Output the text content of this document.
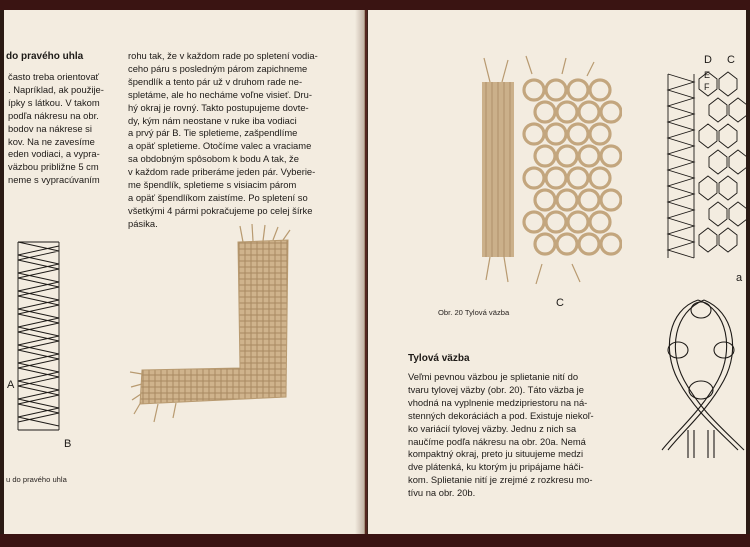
do pravého uhla
často treba orientovať
. Napríklad, ak použije-
ípky s látkou. V takom
podľa nákresu na obr.
bodov na nákrese si
kov. Na ne zavesíme
eden vodiaci, a vypra-
väzbou približne 5 cm
neme s vypracúvaním
rohu tak, že v každom rade po spletení vodia-
ceho páru s posledným párom zapichneme
špendlík a tento pár už v druhom rade ne-
spletáme, ale ho necháme voľne visieť. Dru-
hý okraj je rovný. Takto postupujeme dovte-
dy, kým nám neostane v ruke iba vodiaci
a prvý pár B. Tie spletieme, zašpendlíme
a opäť spletieme. Otočíme valec a vraciame
sa obdobným spôsobom k bodu A tak, že
v každom rade priberáme jeden pár. Vyberie-
me špendlík, spletieme s visiacim párom
a opäť špendlíkom zaistíme. Po spletení so
všetkými 4 pármi pokračujeme po celej šírke
pásika.
A
B
u do pravého uhla
C
Obr. 20 Tylová väzba
D C
E
F
a
Tylová väzba
Veľmi pevnou väzbou je splietanie nití do
tvaru tylovej väzby (obr. 20). Táto väzba je
vhodná na vyplnenie medzipriestoru na ná-
stenných dekoráciách a pod. Existuje niekoľ-
ko variácií tylovej väzby. Jednu z nich sa
naučíme podľa nákresu na obr. 20a. Nemá
kompaktný okraj, preto ju situujeme medzi
dve plátenká, ku ktorým ju pripájame háči-
kom. Splietanie nití je zrejmé z rozkresu mo-
tívu na obr. 20b.
